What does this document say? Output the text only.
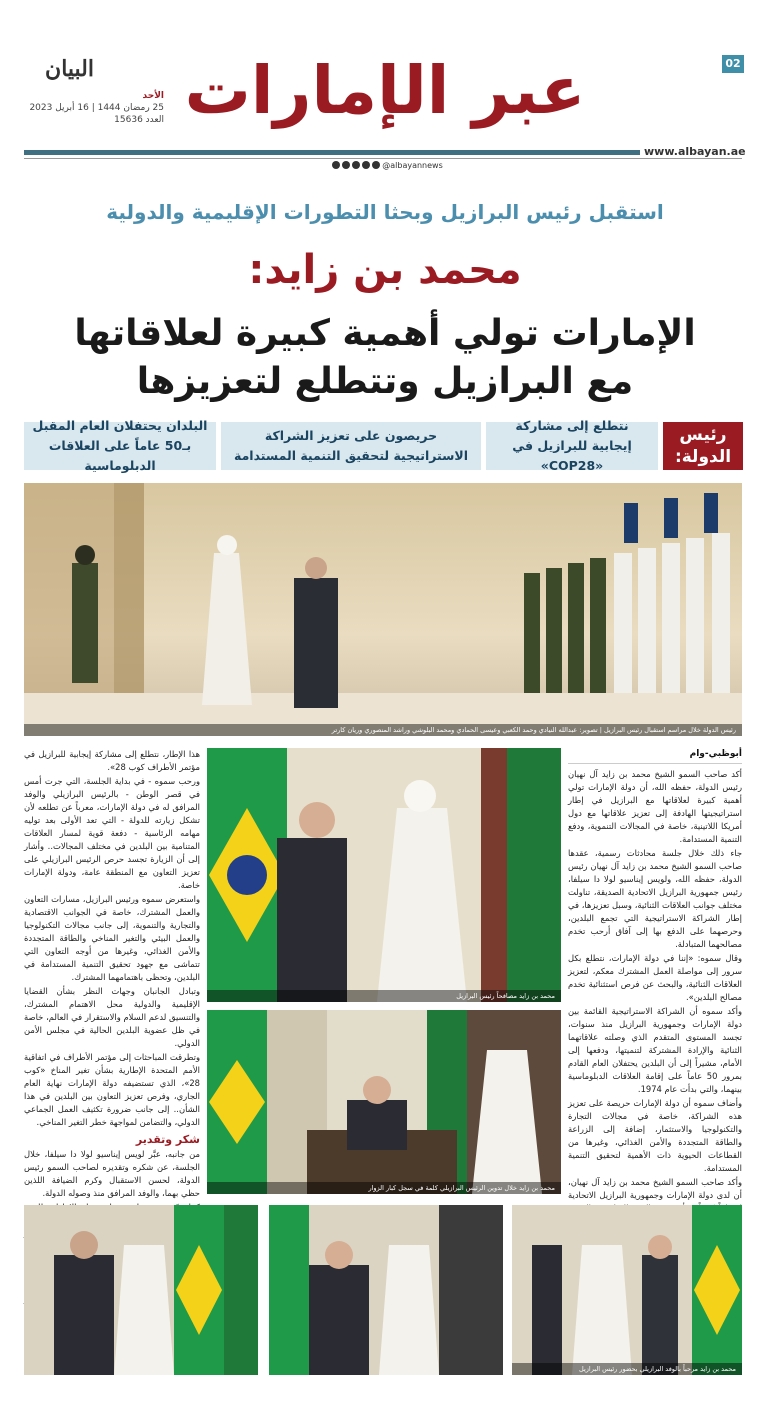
02
عبر الإمارات
البيان
الأحد
25 رمضان 1444 | 16 أبريل 2023
العدد 15636
www.albayan.ae
@albayannews
استقبل رئيس البرازيل وبحثا التطورات الإقليمية والدولية
محمد بن زايد:
الإمارات تولي أهمية كبيرة لعلاقاتها
مع البرازيل وتتطلع لتعزيزها
رئيس الدولة:
نتطلع إلى مشاركة إيجابية للبرازيل في «COP28»
حريصون على تعزيز الشراكة الاستراتيجية لتحقيق التنمية المستدامة
البلدان يحتفلان العام المقبل بـ50 عاماً على العلاقات الدبلوماسية
رئيس الدولة خلال مراسم استقبال رئيس البرازيل | تصوير: عبدالله النيادي وحمد الكعبي وعيسى الحمادي ومحمد البلوشي وراشد المنصوري وريان كارتر
أبوظبي-وام

أكد صاحب السمو الشيخ محمد بن زايد آل نهيان رئيس الدولة، حفظه الله، أن دولة الإمارات تولي أهمية كبيرة لعلاقاتها مع البرازيل في إطار استراتيجيتها الهادفة إلى تعزيز علاقاتها مع دول أمريكا اللاتينية، خاصة في المجالات التنموية، ودفع التنمية المستدامة.

جاء ذلك خلال جلسة محادثات رسمية، عقدها صاحب السمو الشيخ محمد بن زايد آل نهيان رئيس الدولة، حفظه الله، ولويس إيناسيو لولا دا سيلفا، رئيس جمهورية البرازيل الاتحادية الصديقة، تناولت مختلف جوانب العلاقات الثنائية، وسبل تعزيزها، في إطار الشراكة الاستراتيجية التي تجمع البلدين، وحرصهما على الدفع بها إلى آفاق أرحب تخدم مصالحهما المتبادلة.

وقال سموه: «إننا في دولة الإمارات، نتطلع بكل سرور إلى مواصلة العمل المشترك معكم، لتعزيز العلاقات الثنائية، والبحث عن فرص استثنائية تخدم مصالح البلدين».

وأكد سموه أن الشراكة الاستراتيجية القائمة بين دولة الإمارات وجمهورية البرازيل منذ سنوات، تجسد المستوى المتقدم الذي وصلته علاقاتهما الثنائية والإرادة المشتركة لتنميتها، ودفعها إلى الأمام، مشيراً إلى أن البلدين يحتفلان العام القادم بمرور 50 عاماً على إقامة العلاقات الدبلوماسية بينهما، والتي بدأت عام 1974.

وأضاف سموه أن دولة الإمارات حريصة على تعزيز هذه الشراكة، خاصة في مجالات التجارة والتكنولوجيا والاستثمار، إضافة إلى الزراعة والطاقة المتجددة والأمن الغذائي، وغيرها من القطاعات الحيوية ذات الأهمية لتحقيق التنمية المستدامة.

وأكد صاحب السمو الشيخ محمد بن زايد آل نهيان، أن لدى دولة الإمارات وجمهورية البرازيل الاتحادية

محمد بن زايد مصافحاً رئيس البرازيل
محمد بن زايد خلال تدوين الرئيس البرازيلي كلمة في سجل كبار الزوار

هذا الإطار، نتطلع إلى مشاركة إيجابية للبرازيل في مؤتمر الأطراف كوب 28».

ورحب سموه - في بداية الجلسة، التي جرت أمس في قصر الوطن - بالرئيس البرازيلي والوفد المرافق له في دولة الإمارات، معرباً عن تطلعه لأن تشكل زيارته للدولة - التي تعد الأولى بعد توليه مهامه الرئاسية - دفعة قوية لمسار العلاقات المتنامية بين البلدين في مختلف المجالات.. وأشار إلى أن الزيارة تجسد حرص الرئيس البرازيلي على تعزيز التعاون مع المنطقة عامة، ودولة الإمارات خاصة.

واستعرض سموه ورئيس البرازيل، مسارات التعاون والعمل المشترك، خاصة في الجوانب الاقتصادية والتجارية والتنموية، إلى جانب مجالات التكنولوجيا والعمل البيئي والتغير المناخي والطاقة المتجددة والأمن الغذائي، وغيرها من أوجه التعاون التي تتماشى مع جهود تحقيق التنمية المستدامة في البلدين، وتحظى باهتمامهما المشترك.

وتبادل الجانبان وجهات النظر بشأن القضايا الإقليمية والدولية محل الاهتمام المشترك، والتنسيق لدعم السلام والاستقرار في العالم، خاصة في ظل عضوية البلدين الحالية في مجلس الأمن الدولي.

وتطرقت المباحثات إلى مؤتمر الأطراف في اتفاقية الأمم المتحدة الإطارية بشأن تغير المناخ «كوب 28»، الذي تستضيفه دولة الإمارات نهاية العام الجاري، وفرص تعزيز التعاون بين البلدين في هذا الشأن.. إلى جانب ضرورة تكثيف العمل الجماعي الدولي، والتضامن لمواجهة خطر التغير المناخي.

شكر وتقدير

من جانبه، عبَّر لويس إيناسيو لولا دا سيلفا، خلال الجلسة، عن شكره وتقديره لصاحب السمو رئيس الدولة، لحسن الاستقبال وكرم الضيافة اللذين حظي بهما، والوفد المرافق منذ وصوله الدولة.

محمد بن زايد مرحباً بالوفد البرازيلي بحضور رئيس البرازيل
